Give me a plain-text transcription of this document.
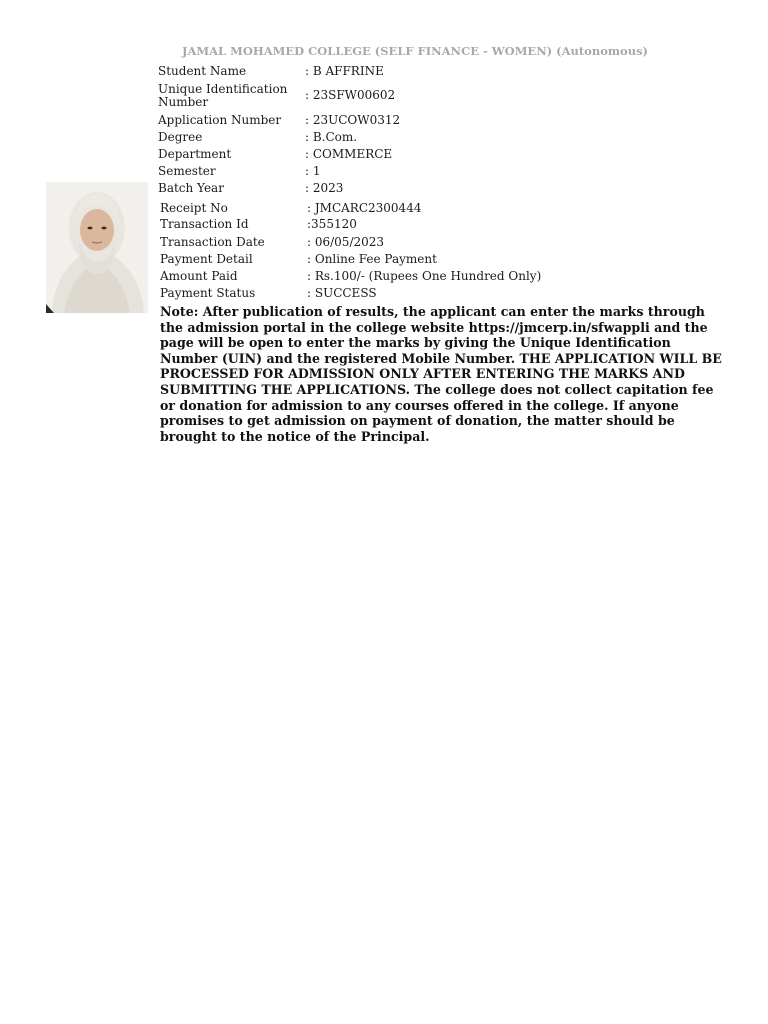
JAMAL MOHAMED COLLEGE (SELF FINANCE - WOMEN) (Autonomous)
Student Name	: B AFFRINE
Unique Identification Number	: 23SFW00602
Application Number : 23UCOW0312
Degree	: B.Com.
Department	: COMMERCE
Semester	: 1
Batch Year	: 2023
Receipt No	: JMCARC2300444
Transaction Id	:355120
Transaction Date	: 06/05/2023
Payment Detail	: Online Fee Payment
Amount Paid	: Rs.100/- (Rupees One Hundred Only)
Payment Status	: SUCCESS
Note: After publication of results, the applicant can enter the marks through the admission portal in the college website https://jmcerp.in/sfwappli and the page will be open to enter the marks by giving the Unique Identification Number (UIN) and the registered Mobile Number. THE APPLICATION WILL BE PROCESSED FOR ADMISSION ONLY AFTER ENTERING THE MARKS AND SUBMITTING THE APPLICATIONS. The college does not collect capitation fee or donation for admission to any courses offered in the college. If anyone promises to get admission on payment of donation, the matter should be brought to the notice of the Principal.
